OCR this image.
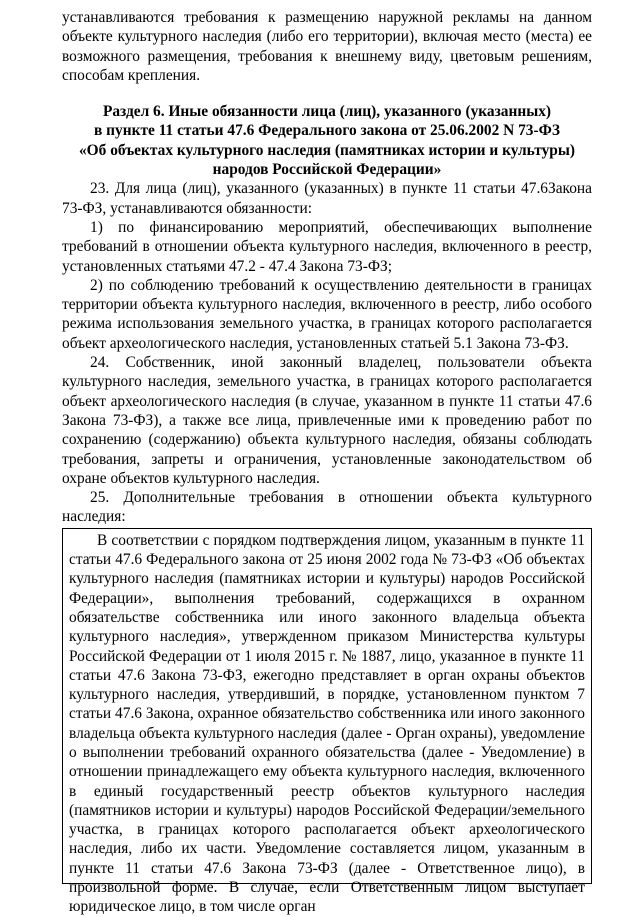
устанавливаются требования к размещению наружной рекламы на данном объекте культурного наследия (либо его территории), включая место (места) ее возможного размещения, требования к внешнему виду, цветовым решениям, способам крепления.

Раздел 6. Иные обязанности лица (лиц), указанного (указанных)
в пункте 11 статьи 47.6 Федерального закона от 25.06.2002 N 73-ФЗ
«Об объектах культурного наследия (памятниках истории и культуры)
народов Российской Федерации»

23. Для лица (лиц), указанного (указанных) в пункте 11 статьи 47.6Закона 73-ФЗ, устанавливаются обязанности:

1) по финансированию мероприятий, обеспечивающих выполнение требований в отношении объекта культурного наследия, включенного в реестр, установленных статьями 47.2 - 47.4 Закона 73-ФЗ;

2) по соблюдению требований к осуществлению деятельности в границах территории объекта культурного наследия, включенного в реестр, либо особого режима использования земельного участка, в границах которого располагается объект археологического наследия, установленных статьей 5.1 Закона 73-ФЗ.

24. Собственник, иной законный владелец, пользователи объекта культурного наследия, земельного участка, в границах которого располагается объект археологического наследия (в случае, указанном в пункте 11 статьи 47.6 Закона 73-ФЗ), а также все лица, привлеченные ими к проведению работ по сохранению (содержанию) объекта культурного наследия, обязаны соблюдать требования, запреты и ограничения, установленные законодательством об охране объектов культурного наследия.

25. Дополнительные требования в отношении объекта культурного наследия:

В соответствии с порядком подтверждения лицом, указанным в пункте 11 статьи 47.6 Федерального закона от 25 июня 2002 года № 73-ФЗ «Об объектах культурного наследия (памятниках истории и культуры) народов Российской Федерации», выполнения требований, содержащихся в охранном обязательстве собственника или иного законного владельца объекта культурного наследия», утвержденном приказом Министерства культуры Российской Федерации от 1 июля 2015 г. № 1887, лицо, указанное в пункте 11 статьи 47.6 Закона 73-ФЗ, ежегодно представляет в орган охраны объектов культурного наследия, утвердивший, в порядке, установленном пунктом 7 статьи 47.6 Закона, охранное обязательство собственника или иного законного владельца объекта культурного наследия (далее - Орган охраны), уведомление о выполнении требований охранного обязательства (далее - Уведомление) в отношении принадлежащего ему объекта культурного наследия, включенного в единый государственный реестр объектов культурного наследия (памятников истории и культуры) народов Российской Федерации/земельного участка, в границах которого располагается объект археологического наследия, либо их части. Уведомление составляется лицом, указанным в пункте 11 статьи 47.6 Закона 73-ФЗ (далее - Ответственное лицо), в произвольной форме. В случае, если Ответственным лицом выступает юридическое лицо, в том числе орган
